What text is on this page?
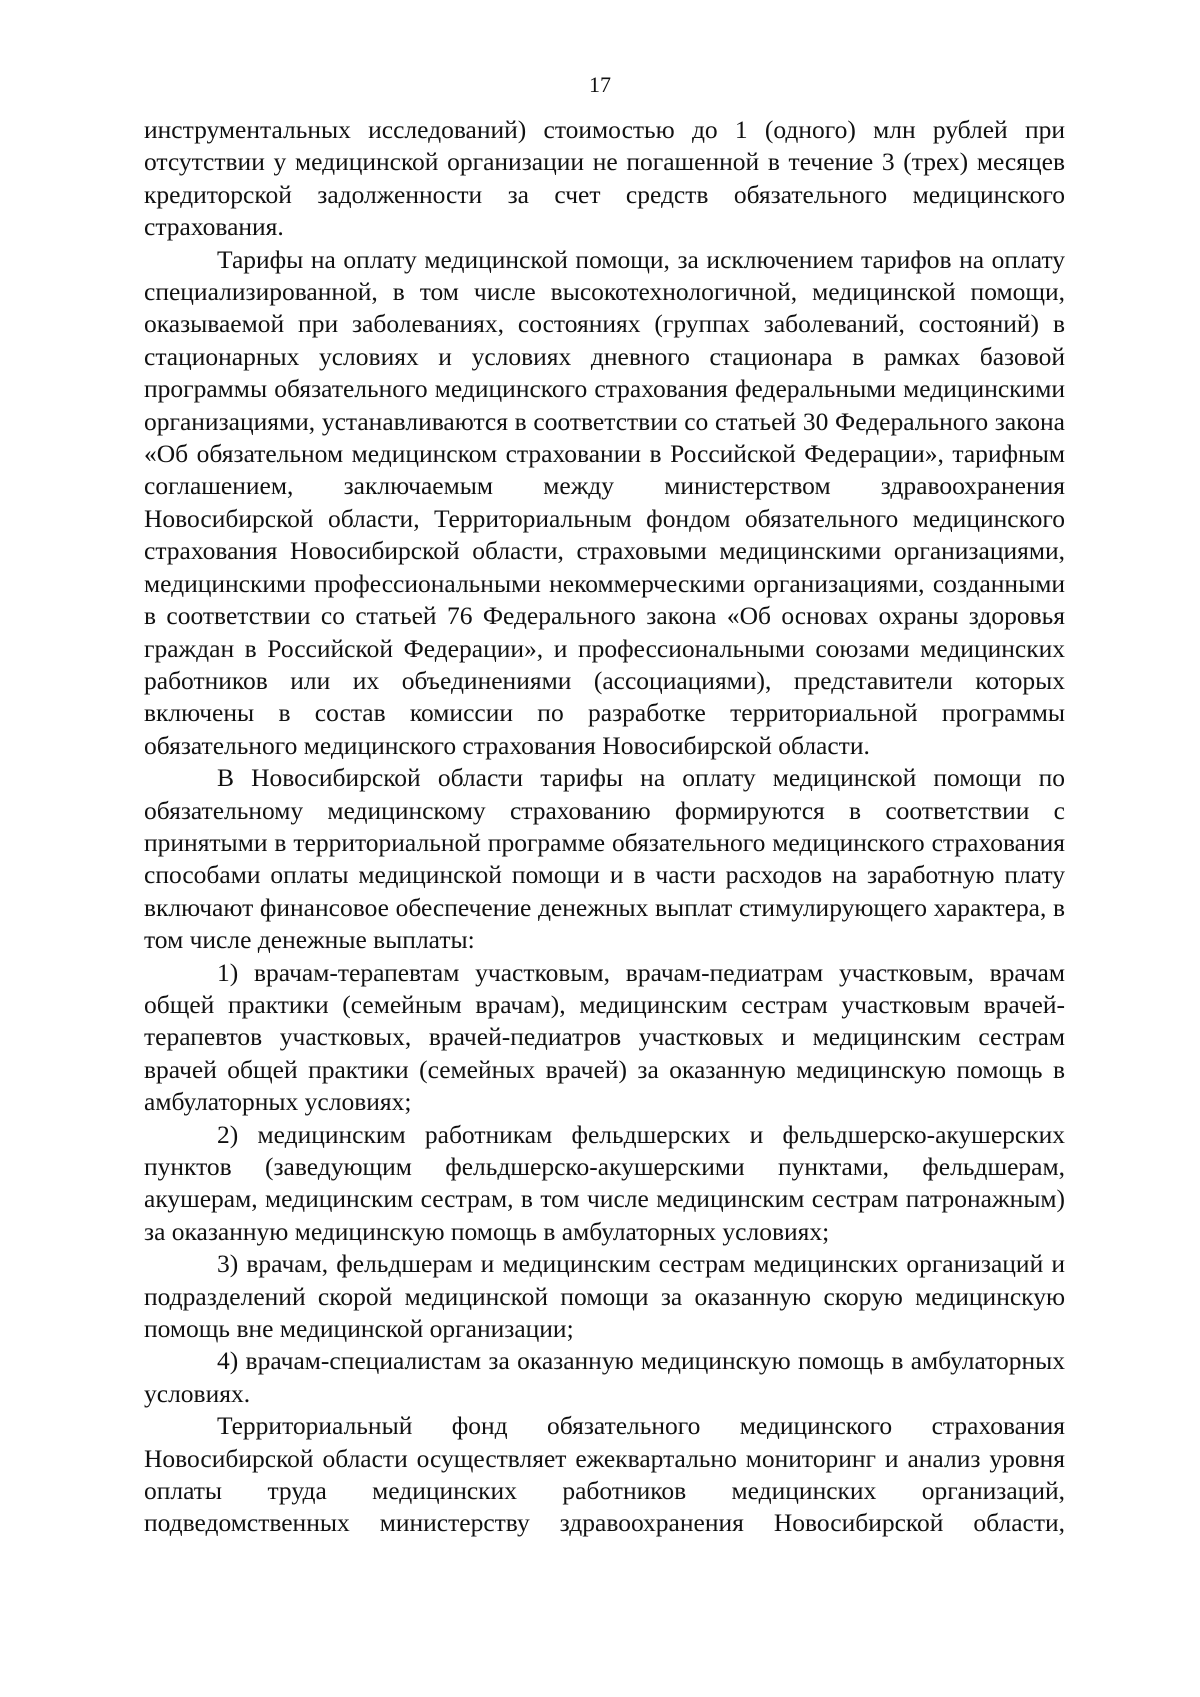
17

инструментальных исследований) стоимостью до 1 (одного) млн рублей при отсутствии у медицинской организации не погашенной в течение 3 (трех) месяцев кредиторской задолженности за счет средств обязательного медицинского страхования.

Тарифы на оплату медицинской помощи, за исключением тарифов на оплату специализированной, в том числе высокотехнологичной, медицинской помощи, оказываемой при заболеваниях, состояниях (группах заболеваний, состояний) в стационарных условиях и условиях дневного стационара в рамках базовой программы обязательного медицинского страхования федеральными медицинскими организациями, устанавливаются в соответствии со статьей 30 Федерального закона «Об обязательном медицинском страховании в Российской Федерации», тарифным соглашением, заключаемым между министерством здравоохранения Новосибирской области, Территориальным фондом обязательного медицинского страхования Новосибирской области, страховыми медицинскими организациями, медицинскими профессиональными некоммерческими организациями, созданными в соответствии со статьей 76 Федерального закона «Об основах охраны здоровья граждан в Российской Федерации», и профессиональными союзами медицинских работников или их объединениями (ассоциациями), представители которых включены в состав комиссии по разработке территориальной программы обязательного медицинского страхования Новосибирской области.

В Новосибирской области тарифы на оплату медицинской помощи по обязательному медицинскому страхованию формируются в соответствии с принятыми в территориальной программе обязательного медицинского страхования способами оплаты медицинской помощи и в части расходов на заработную плату включают финансовое обеспечение денежных выплат стимулирующего характера, в том числе денежные выплаты:

1) врачам-терапевтам участковым, врачам-педиатрам участковым, врачам общей практики (семейным врачам), медицинским сестрам участковым врачей-терапевтов участковых, врачей-педиатров участковых и медицинским сестрам врачей общей практики (семейных врачей) за оказанную медицинскую помощь в амбулаторных условиях;

2) медицинским работникам фельдшерских и фельдшерско-акушерских пунктов (заведующим фельдшерско-акушерскими пунктами, фельдшерам, акушерам, медицинским сестрам, в том числе медицинским сестрам патронажным) за оказанную медицинскую помощь в амбулаторных условиях;

3) врачам, фельдшерам и медицинским сестрам медицинских организаций и подразделений скорой медицинской помощи за оказанную скорую медицинскую помощь вне медицинской организации;

4) врачам-специалистам за оказанную медицинскую помощь в амбулаторных условиях.

Территориальный фонд обязательного медицинского страхования Новосибирской области осуществляет ежеквартально мониторинг и анализ уровня оплаты труда медицинских работников медицинских организаций, подведомственных министерству здравоохранения Новосибирской области,
